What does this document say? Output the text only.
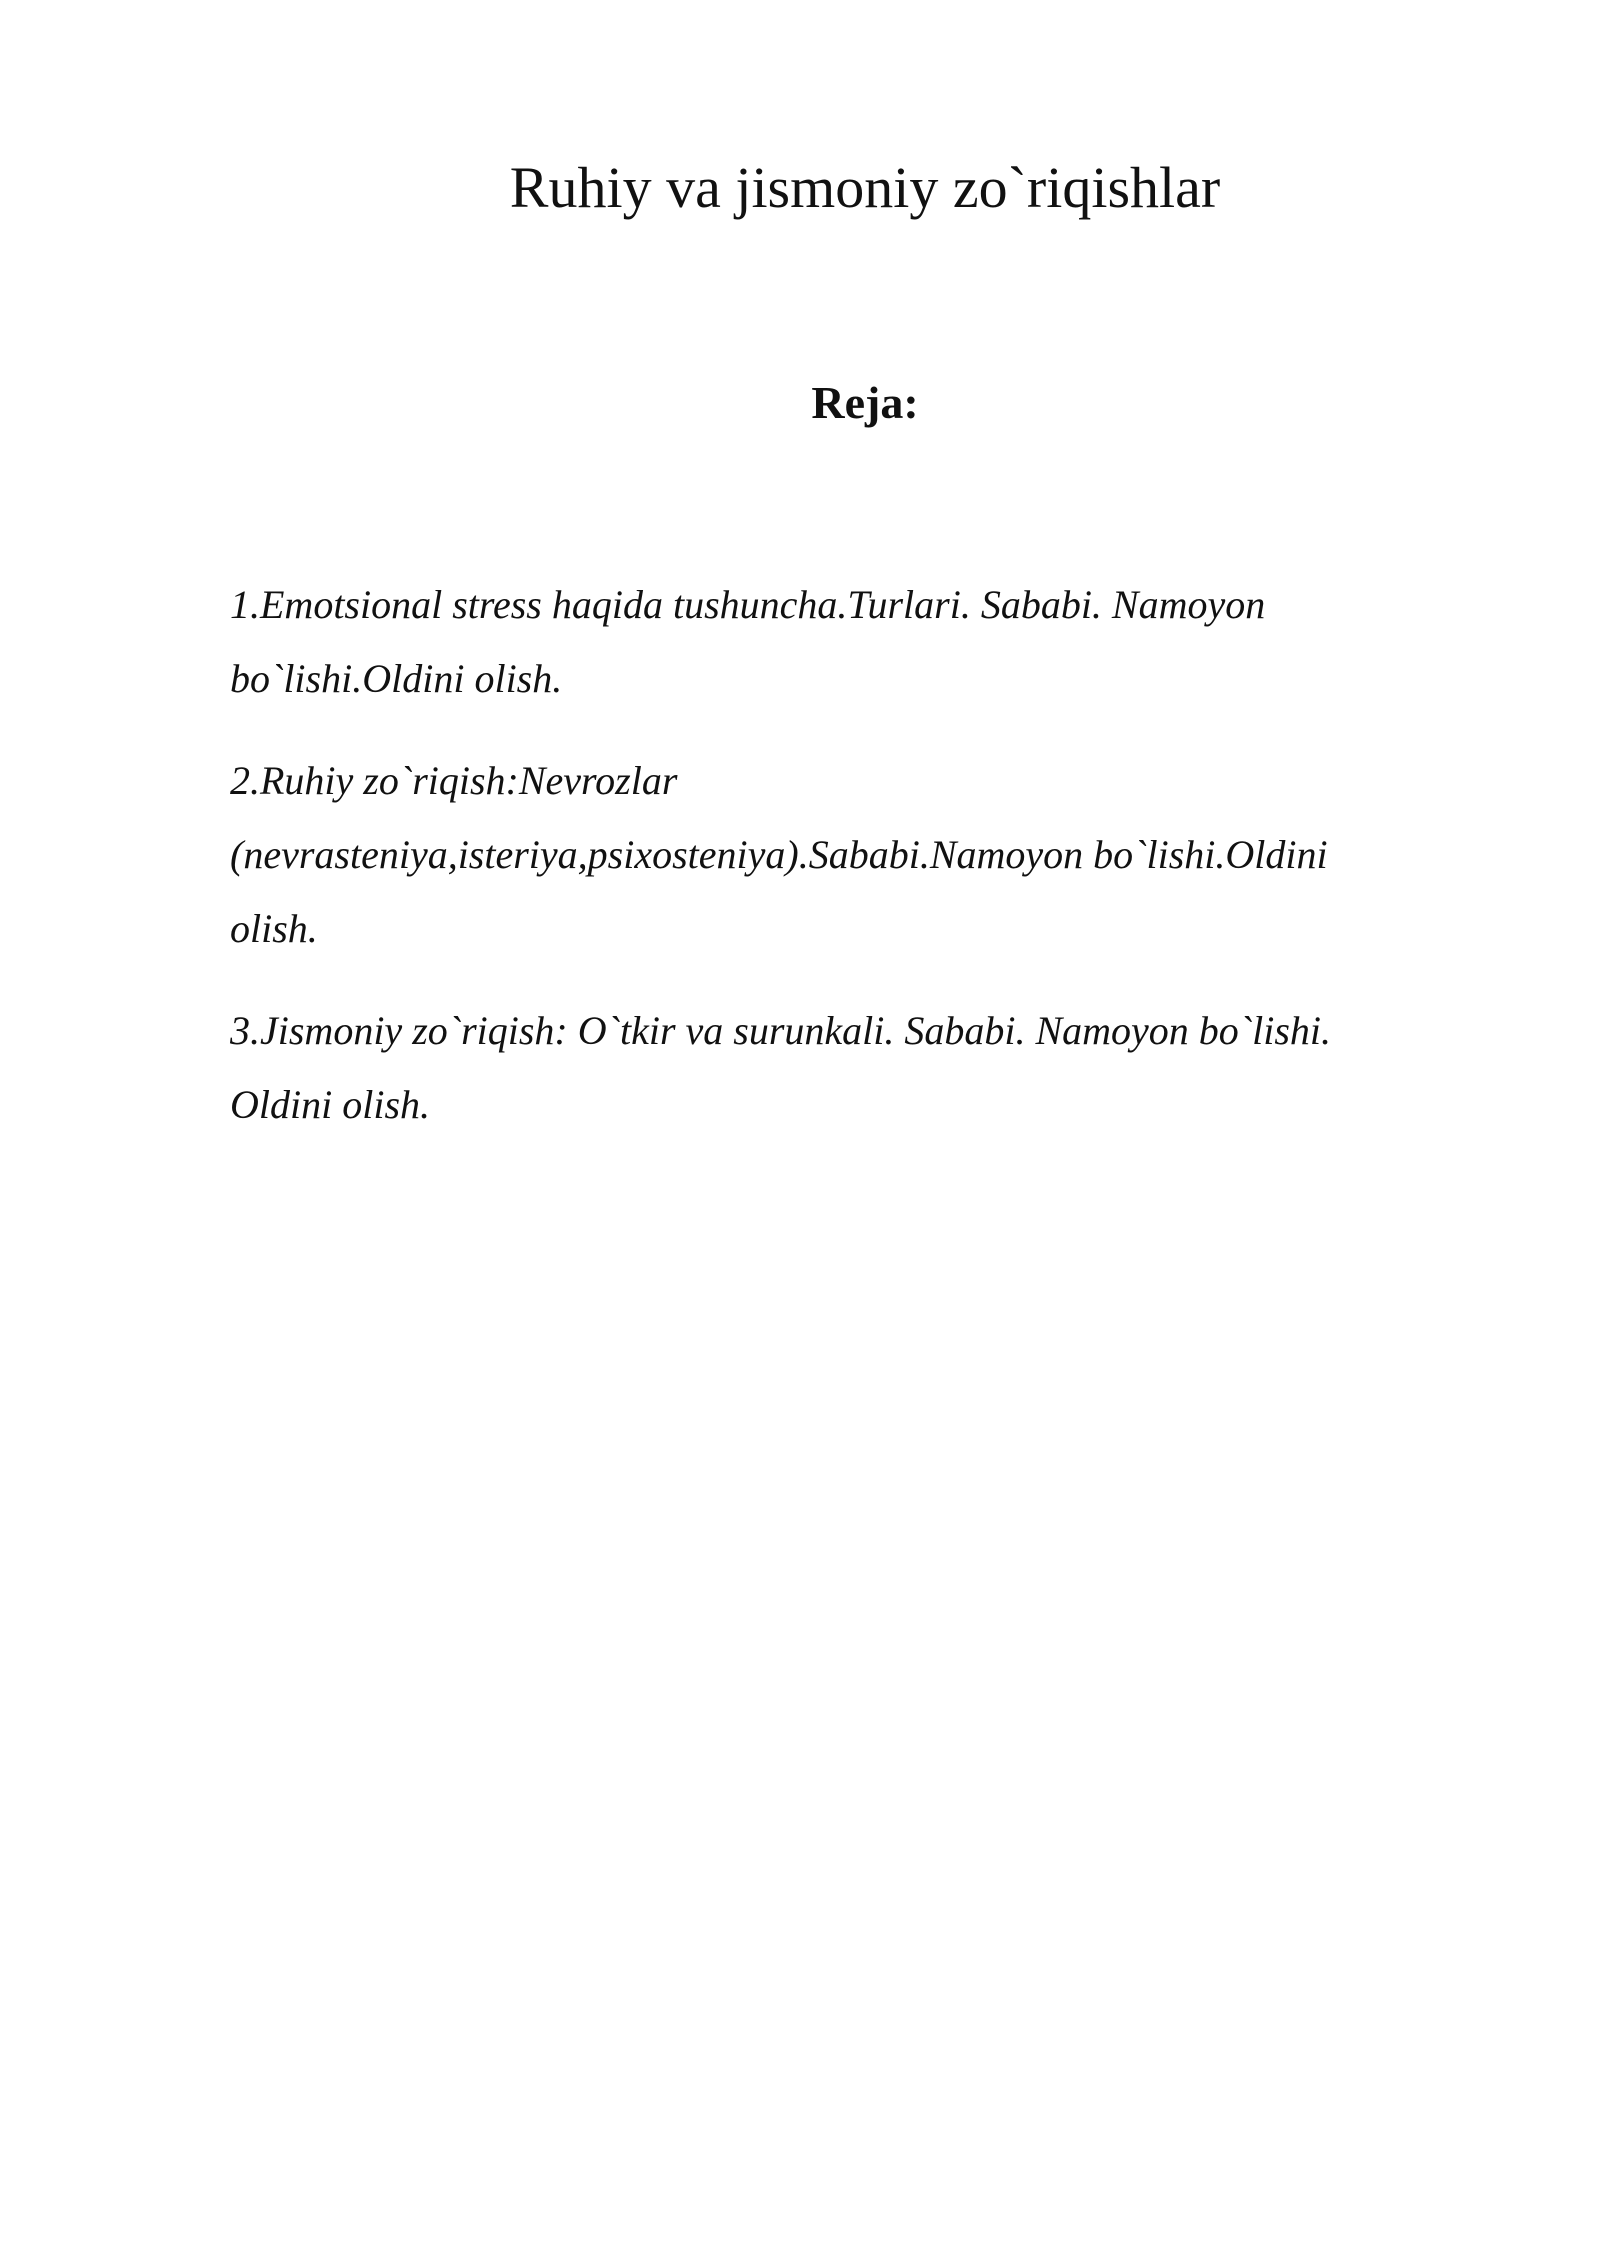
Ruhiy va jismoniy zo`riqishlar
Reja:
1.Emotsional stress haqida tushuncha.Turlari. Sababi. Namoyon
bo`lishi.Oldini olish.
2.Ruhiy zo`riqish:Nevrozlar
(nevrasteniya,isteriya,psixosteniya).Sababi.Namoyon bo`lishi.Oldini
olish.
3.Jismoniy zo`riqish: O`tkir va surunkali. Sababi. Namoyon bo`lishi.
Oldini olish.
